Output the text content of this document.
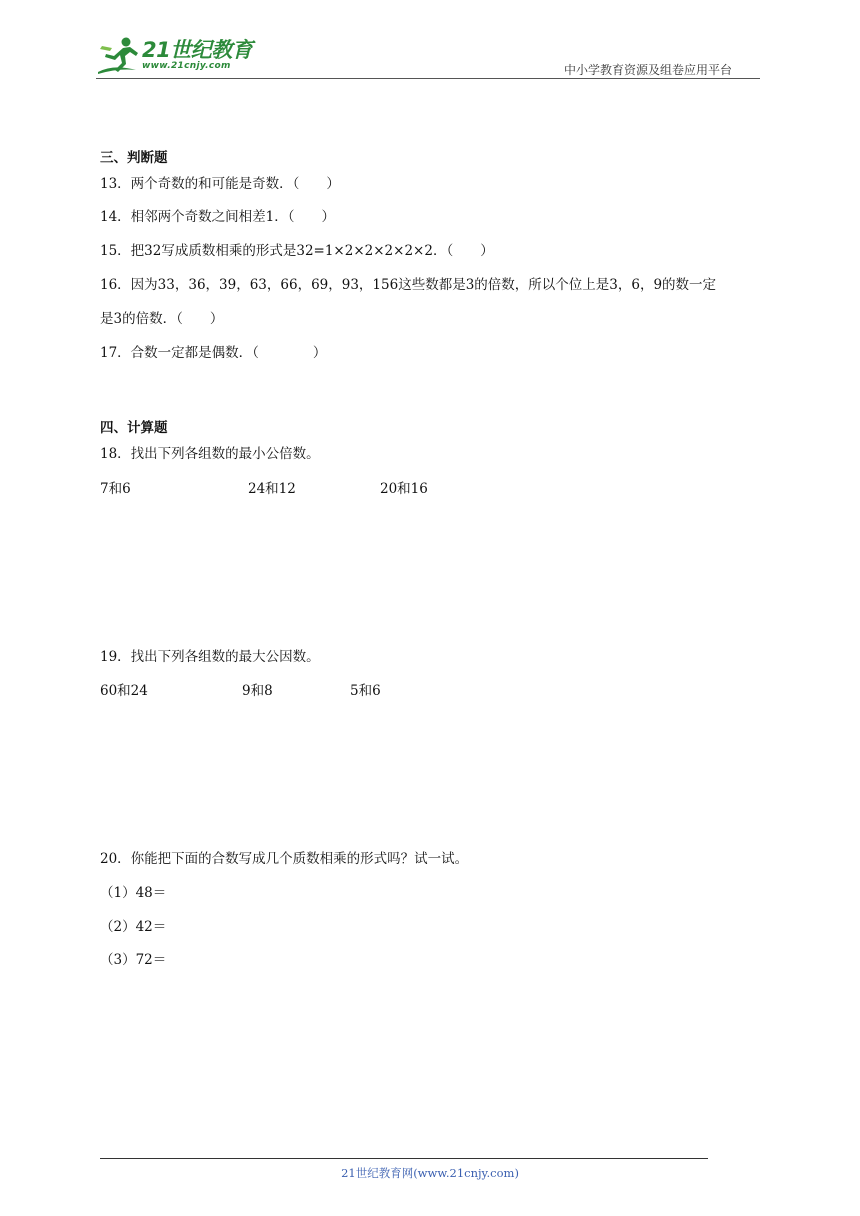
21世纪教育
www.21cnjy.com	中小学教育资源及组卷应用平台
三、判断题
13．两个奇数的和可能是奇数．（　　）
14．相邻两个奇数之间相差1．（　　）
15．把32写成质数相乘的形式是32=1×2×2×2×2×2．（　　）
16．因为33，36，39，63，66，69，93，156这些数都是3的倍数，所以个位上是3，6，9的数一定
是3的倍数．（　　）
17．合数一定都是偶数．（　　　　）
四、计算题
18．找出下列各组数的最小公倍数。
7和6	24和12	20和16
19．找出下列各组数的最大公因数。
60和24	9和8	5和6
20．你能把下面的合数写成几个质数相乘的形式吗？试一试。
（1）48＝
（2）42＝
（3）72＝
21世纪教育网(www.21cnjy.com)
